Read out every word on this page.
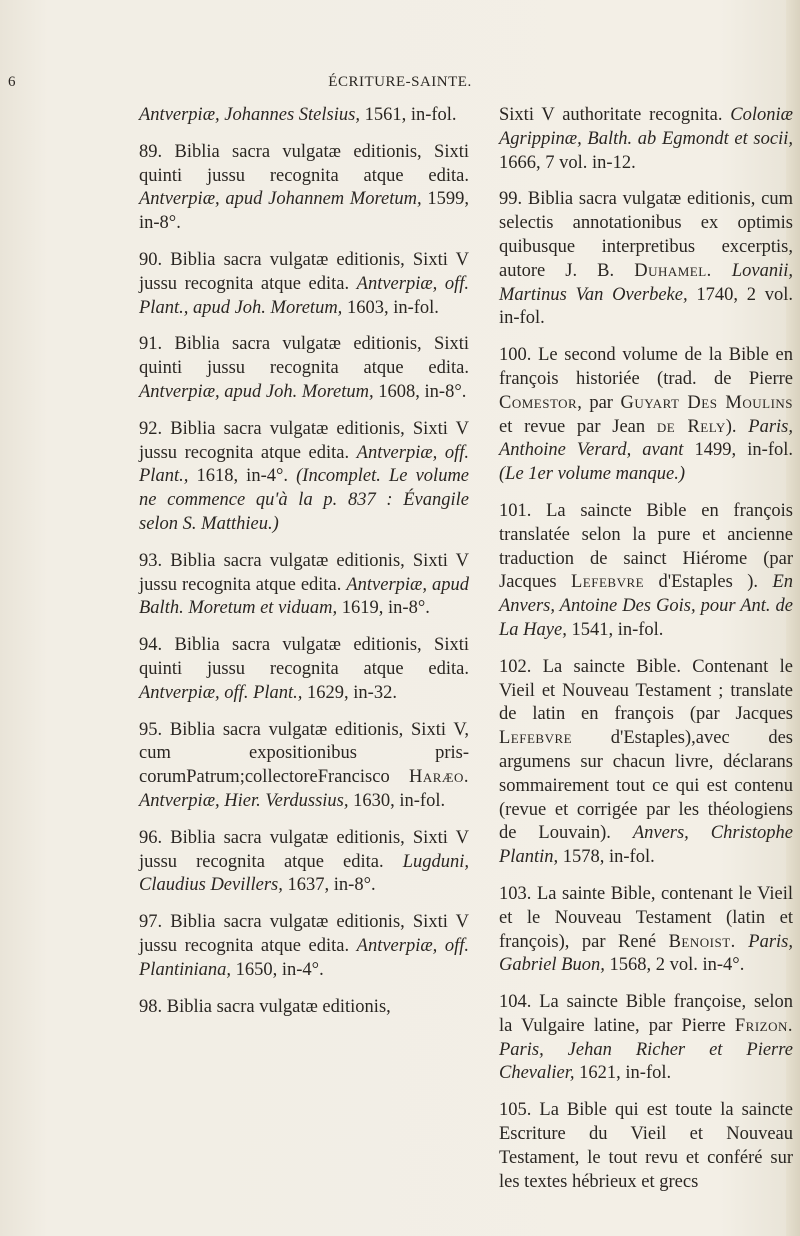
6	ÉCRITURE-SAINTE.
Antverpiæ, Johannes Stelsius, 1561, in-fol.
89. Biblia sacra vulgatæ editionis, Sixti quinti jussu recognita atque edita. Antverpiæ, apud Johannem Moretum, 1599, in-8°.
90. Biblia sacra vulgatæ editionis, Sixti V jussu recognita atque edita. Antverpiæ, off. Plant., apud Joh. Moretum, 1603, in-fol.
91. Biblia sacra vulgatæ editionis, Sixti quinti jussu recognita atque edita. Antverpiæ, apud Joh. Moretum, 1608, in-8°.
92. Biblia sacra vulgatæ editionis, Sixti V jussu recognita atque edita. Antverpiæ, off. Plant., 1618, in-4°. (Incomplet. Le volume ne commence qu'à la p. 837 : Évangile selon S. Matthieu.)
93. Biblia sacra vulgatæ editionis, Sixti V jussu recognita atque edita. Antverpiæ, apud Balth. Moretum et viduam, 1619, in-8°.
94. Biblia sacra vulgatæ editionis, Sixti quinti jussu recognita atque edita. Antverpiæ, off. Plant., 1629, in-32.
95. Biblia sacra vulgatæ editionis, Sixti V, cum expositionibus pris-corumPatrum;collectoreFrancisco Haræo. Antverpiæ, Hier. Verdussius, 1630, in-fol.
96. Biblia sacra vulgatæ editionis, Sixti V jussu recognita atque edita. Lugduni, Claudius Devillers, 1637, in-8°.
97. Biblia sacra vulgatæ editionis, Sixti V jussu recognita atque edita. Antverpiæ, off. Plantiniana, 1650, in-4°.
98. Biblia sacra vulgatæ editionis,
Sixti V authoritate recognita. Coloniæ Agrippinæ, Balth. ab Egmondt et socii, 1666, 7 vol. in-12.
99. Biblia sacra vulgatæ editionis, cum selectis annotationibus ex optimis quibusque interpretibus excerptis, autore J. B. Duhamel. Lovanii, Martinus Van Overbeke, 1740, 2 vol. in-fol.
100. Le second volume de la Bible en françois historiée (trad. de Pierre Comestor, par Guyart Des Moulins et revue par Jean de Rely). Paris, Anthoine Verard, avant 1499, in-fol. (Le 1er volume manque.)
101. La saincte Bible en françois translatée selon la pure et ancienne traduction de sainct Hiérome (par Jacques Lefebvre d'Estaples ). En Anvers, Antoine Des Gois, pour Ant. de La Haye, 1541, in-fol.
102. La saincte Bible. Contenant le Vieil et Nouveau Testament ; translate de latin en françois (par Jacques Lefebvre d'Estaples),avec des argumens sur chacun livre, déclarans sommairement tout ce qui est contenu (revue et corrigée par les théologiens de Louvain). Anvers, Christophe Plantin, 1578, in-fol.
103. La sainte Bible, contenant le Vieil et le Nouveau Testament (latin et françois), par René Benoist. Paris, Gabriel Buon, 1568, 2 vol. in-4°.
104. La saincte Bible françoise, selon la Vulgaire latine, par Pierre Frizon. Paris, Jehan Richer et Pierre Chevalier, 1621, in-fol.
105. La Bible qui est toute la saincte Escriture du Vieil et Nouveau Testament, le tout revu et conféré sur les textes hébrieux et grecs
